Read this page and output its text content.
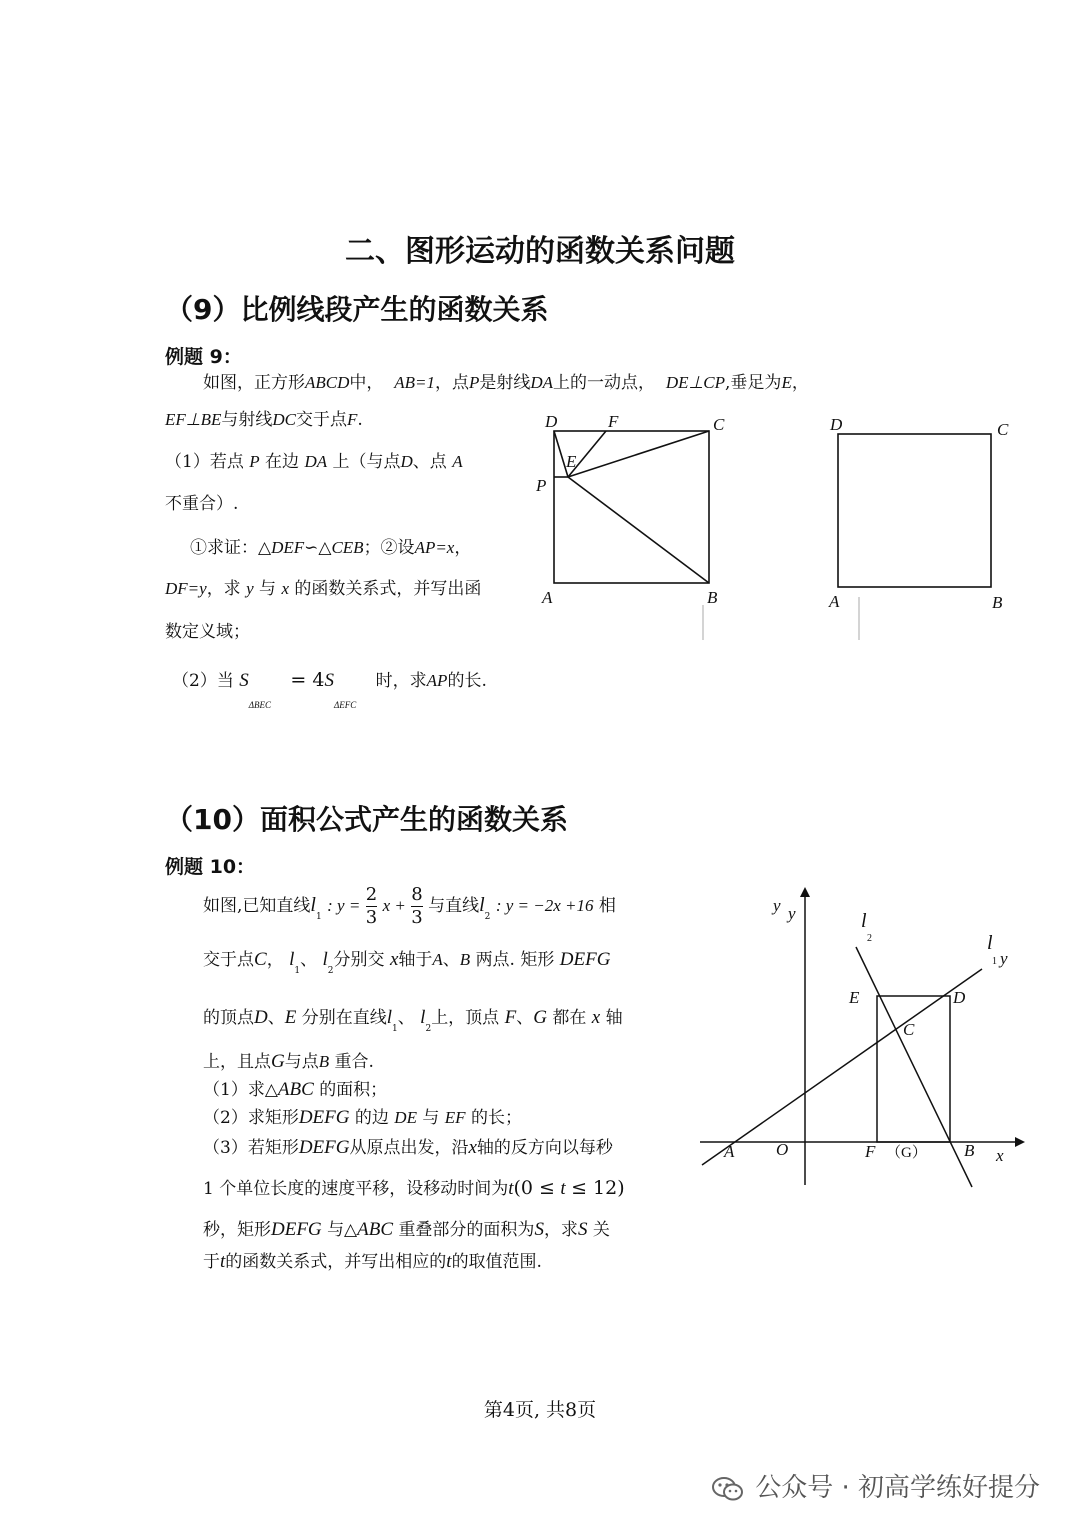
二、图形运动的函数关系问题
（9）比例线段产生的函数关系
例题 9：
如图，正方形ABCD中， AB=1，点P是射线DA上的一动点， DE⊥CP,垂足为E，
EF⊥BE与射线DC交于点F.
（1）若点 P 在边 DA 上（与点D、点 A
不重合）.
①求证：△DEF∽△CEB；②设AP=x，
DF=y，求 y 与 x 的函数关系式，并写出函
数定义域；
（2）当 $S_{\Delta BEC} = 4S_{\Delta EFC}$ 时，求AP的长.
D	F	C
E
P
A	B
D	C
A	B
（10）面积公式产生的函数关系
例题 10：
如图,已知直线$l_1$ : $y = \frac{2}{3}$ $x + \frac{8}{3}$ 与直线$l_2$ : y = −2x +16 相
交于点C， $l_1$、 $l_2$分别交 x轴于A、B 两点. 矩形 DEFG
的顶点D、E 分别在直线$l_1$、 $l_2$上，顶点 F、G 都在 x 轴
上，且点G与点B 重合.
（1）求△ABC 的面积；
（2）求矩形DEFG 的边 DE 与 EF 的长；
（3）若矩形DEFG从原点出发，沿x轴的反方向以每秒
1 个单位长度的速度平移，设移动时间为t(0 ≤ t ≤ 12)
秒，矩形DEFG 与△ABC 重叠部分的面积为S，求S 关
于t的函数关系式，并写出相应的t的取值范围.
y y	l
2	l
1 y
E	D
C
A O	F （G） B x
第4页, 共8页
公众号 · 初高学练好提分
